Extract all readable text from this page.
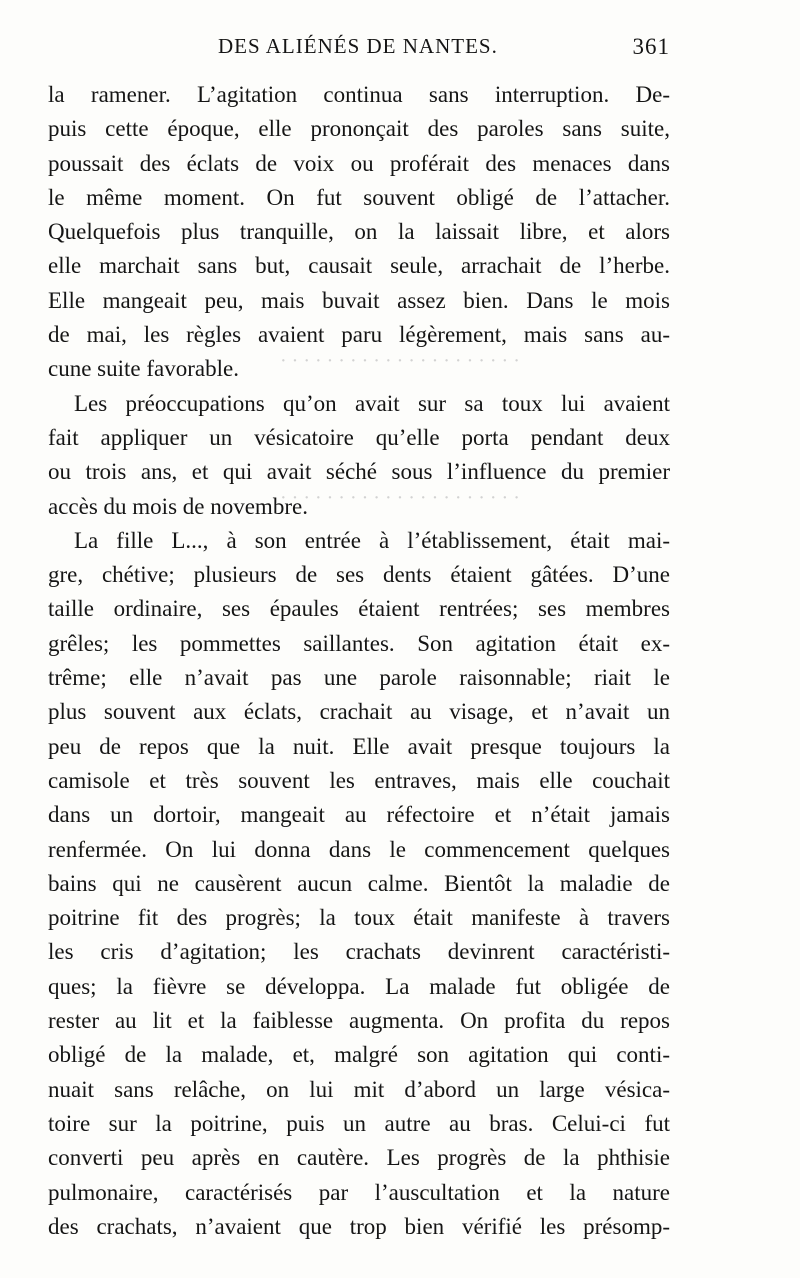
DES ALIÉNÉS DE NANTES.	361
· · · · · · · · · · · · · · · · · · · · ·
· · · · · · · · · · · · · · · · · · · · ·
la ramener. L’agitation continua sans interruption. De-
puis cette époque, elle prononçait des paroles sans suite,
poussait des éclats de voix ou proférait des menaces dans
le même moment. On fut souvent obligé de l’attacher.
Quelquefois plus tranquille, on la laissait libre, et alors
elle marchait sans but, causait seule, arrachait de l’herbe.
Elle mangeait peu, mais buvait assez bien. Dans le mois
de mai, les règles avaient paru légèrement, mais sans au-
cune suite favorable.
Les préoccupations qu’on avait sur sa toux lui avaient
fait appliquer un vésicatoire qu’elle porta pendant deux
ou trois ans, et qui avait séché sous l’influence du premier
accès du mois de novembre.
La fille L..., à son entrée à l’établissement, était mai-
gre, chétive; plusieurs de ses dents étaient gâtées. D’une
taille ordinaire, ses épaules étaient rentrées; ses membres
grêles; les pommettes saillantes. Son agitation était ex-
trême; elle n’avait pas une parole raisonnable; riait le
plus souvent aux éclats, crachait au visage, et n’avait un
peu de repos que la nuit. Elle avait presque toujours la
camisole et très souvent les entraves, mais elle couchait
dans un dortoir, mangeait au réfectoire et n’était jamais
renfermée. On lui donna dans le commencement quelques
bains qui ne causèrent aucun calme. Bientôt la maladie de
poitrine fit des progrès; la toux était manifeste à travers
les cris d’agitation; les crachats devinrent caractéristi-
ques; la fièvre se développa. La malade fut obligée de
rester au lit et la faiblesse augmenta. On profita du repos
obligé de la malade, et, malgré son agitation qui conti-
nuait sans relâche, on lui mit d’abord un large vésica-
toire sur la poitrine, puis un autre au bras. Celui-ci fut
converti peu après en cautère. Les progrès de la phthisie
pulmonaire, caractérisés par l’auscultation et la nature
des crachats, n’avaient que trop bien vérifié les présomp-
